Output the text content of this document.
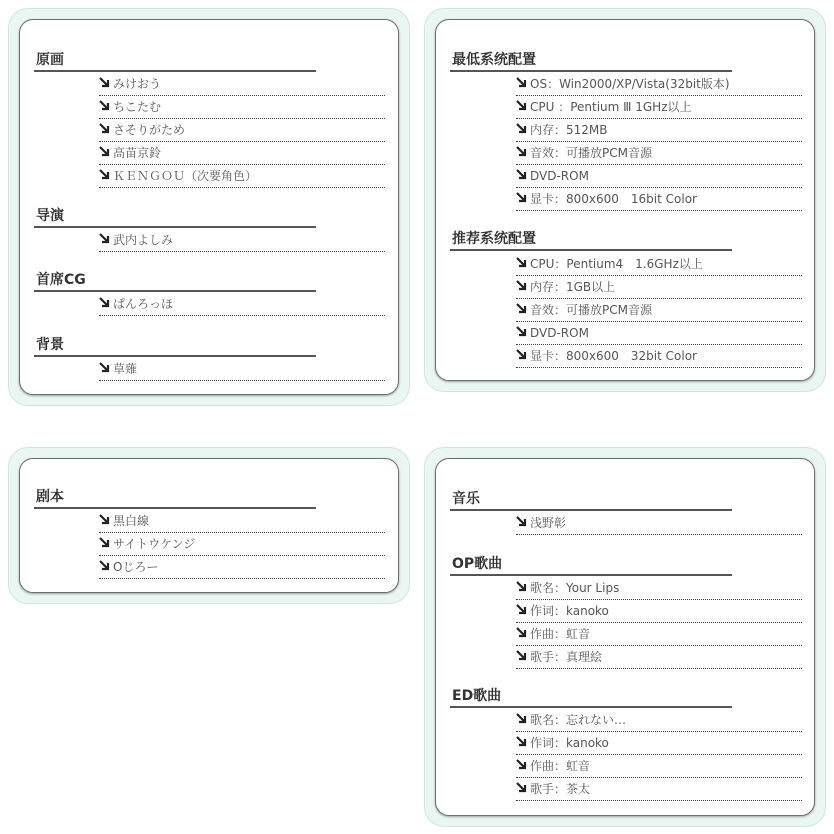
原画
みけおう
ちこたむ
さそりがため
高苗京鈴
ＫＥＮＧＯＵ（次要角色）
导演
武内よしみ
首席CG
ぱんろっほ
背景
草薙
最低系统配置
OS：Win2000/XP/Vista(32bit版本)
CPU ：Pentium Ⅲ 1GHz以上
内存：512MB
音效：可播放PCM音源
DVD-ROM
显卡：800x600　16bit Color
推荐系统配置
CPU：Pentium4　1.6GHz以上
内存：1GB以上
音效：可播放PCM音源
DVD-ROM
显卡：800x600　32bit Color
剧本
黒白線
サイトウケンジ
Oじろー
音乐
浅野彰
OP歌曲
歌名：Your Lips
作词：kanoko
作曲：虹音
歌手：真理絵
ED歌曲
歌名：忘れない…
作词：kanoko
作曲：虹音
歌手：茶太
